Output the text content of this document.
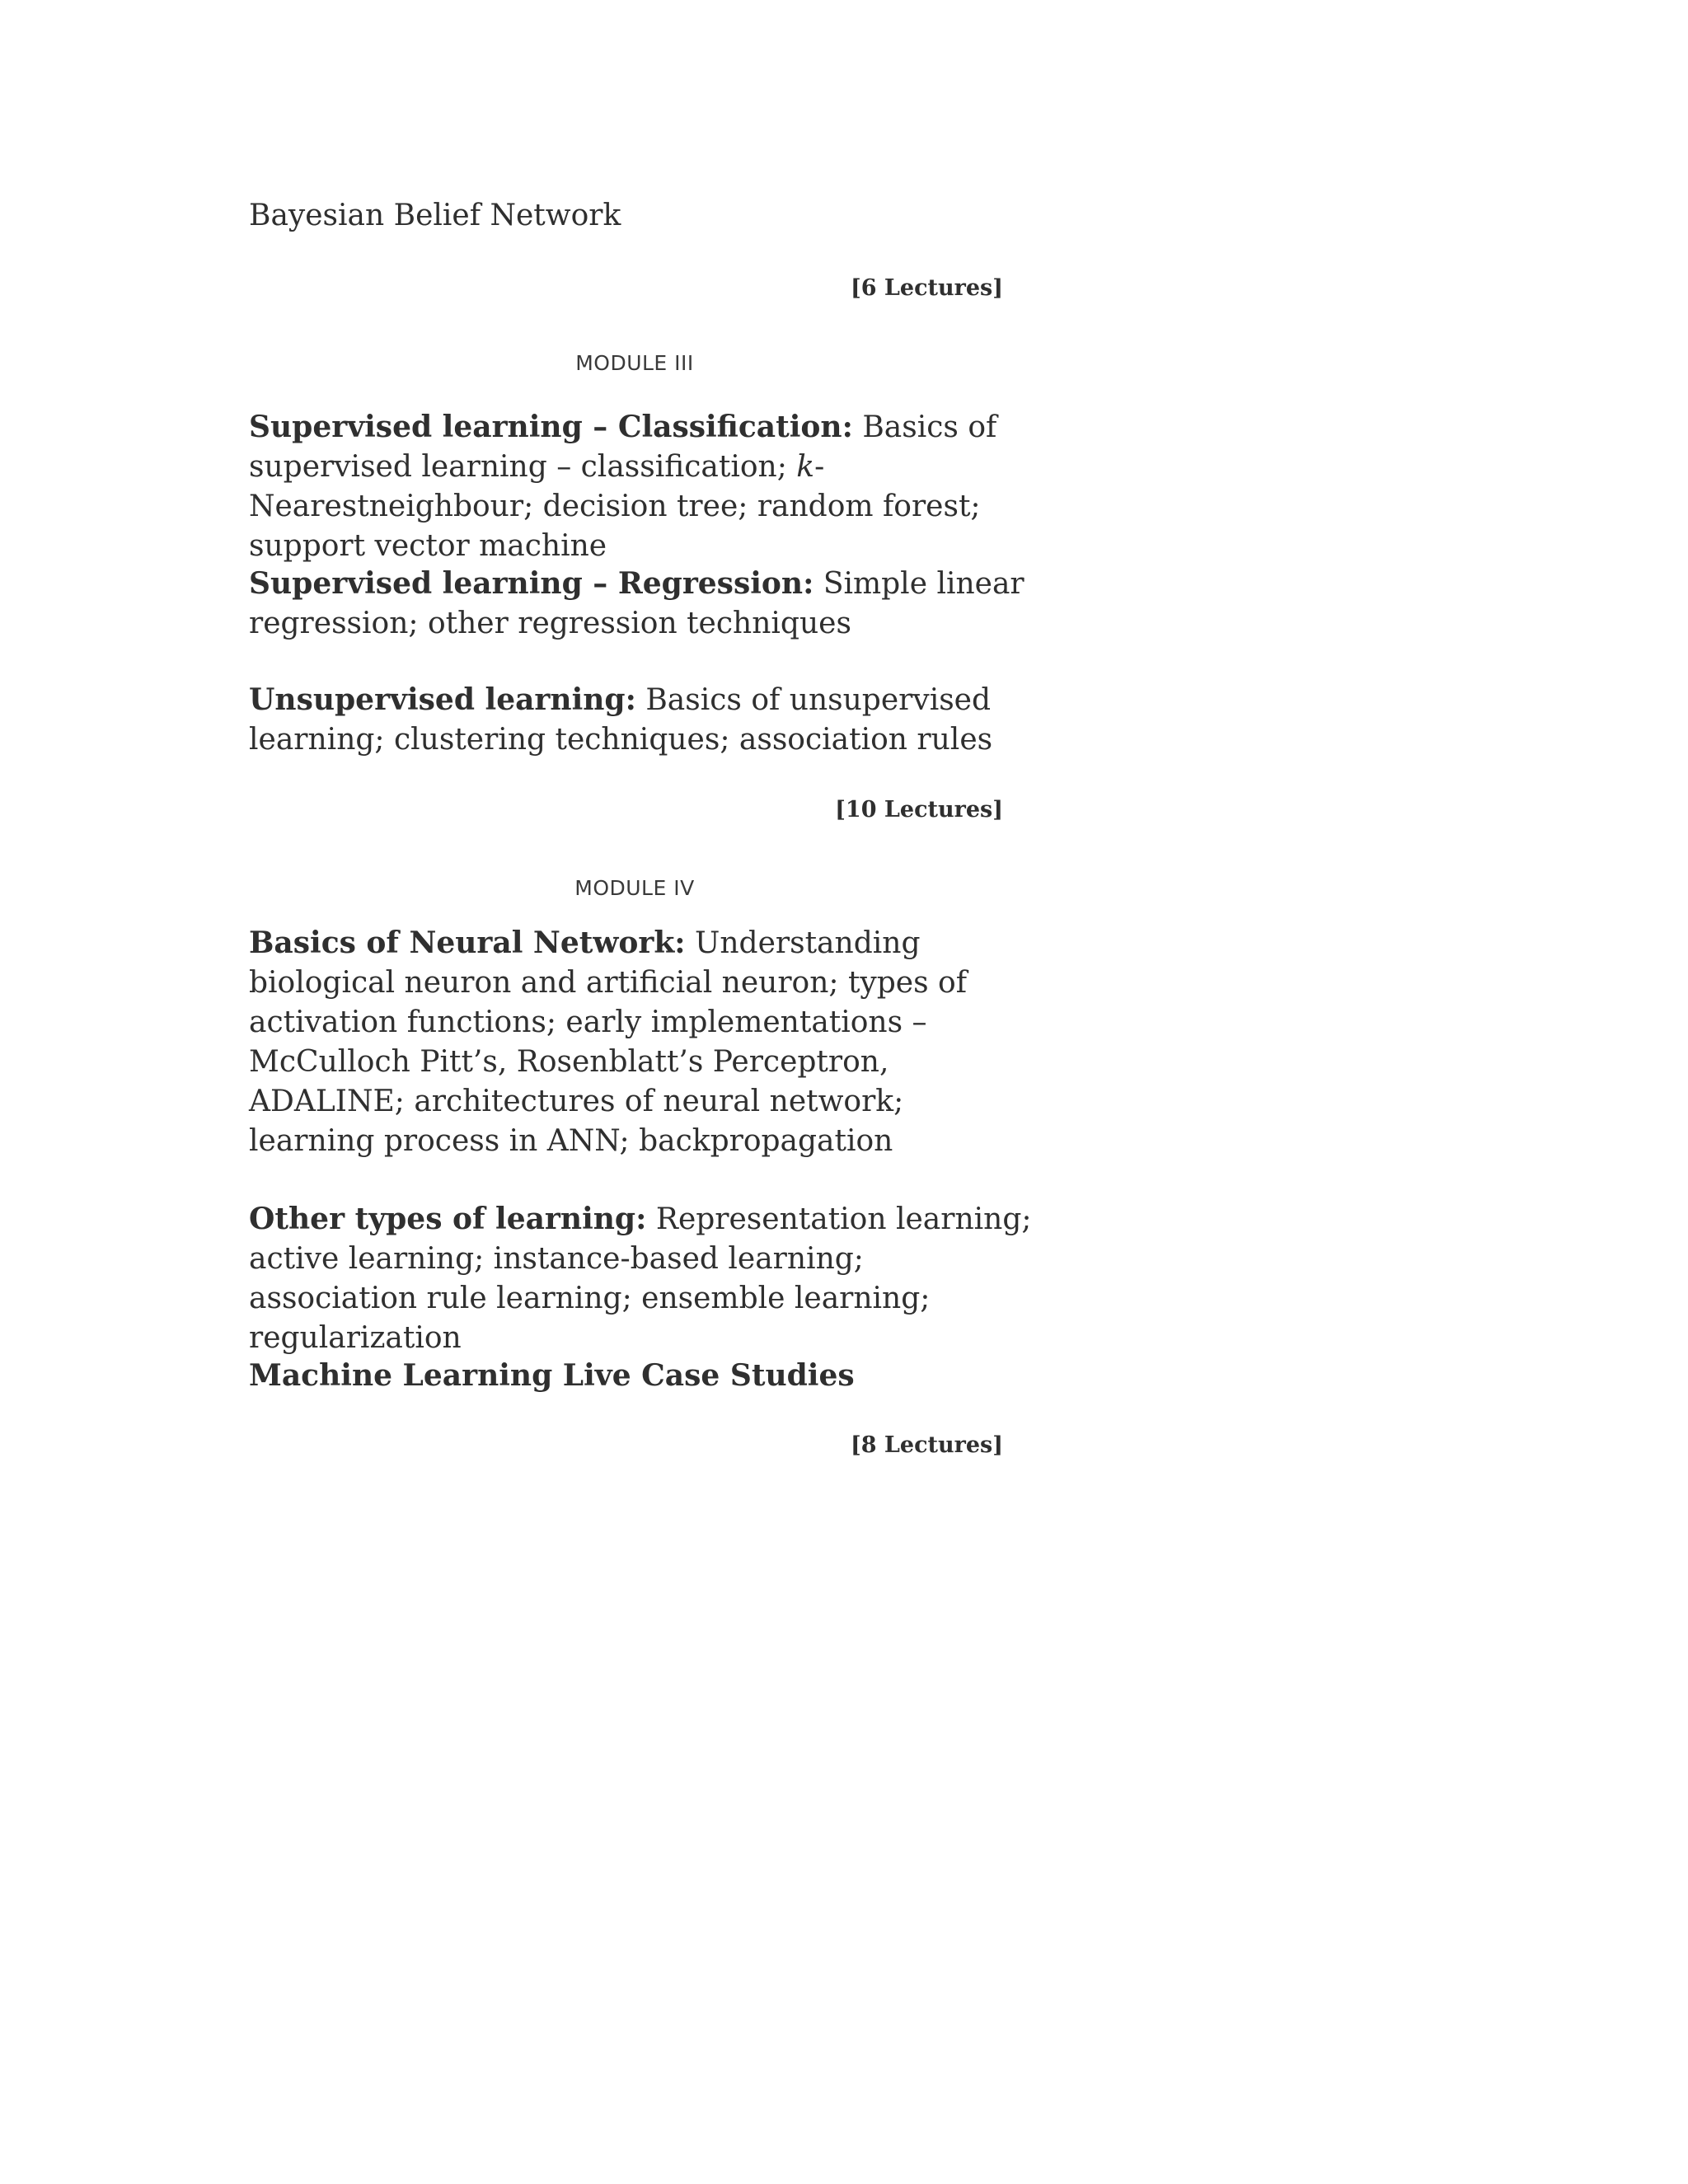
Bayesian Belief Network

[6 Lectures]
MODULE III

Supervised learning – Classification: Basics of supervised learning – classification; k-Nearestneighbour; decision tree; random forest; support vector machine

Supervised learning – Regression: Simple linear regression; other regression techniques

Unsupervised learning: Basics of unsupervised learning; clustering techniques; association rules

[10 Lectures]
MODULE IV

Basics of Neural Network: Understanding biological neuron and artificial neuron; types of activation functions; early implementations – McCulloch Pitt’s, Rosenblatt’s Perceptron, ADALINE; architectures of neural network; learning process in ANN; backpropagation

Other types of learning: Representation learning; active learning; instance-based learning; association rule learning; ensemble learning; regularization

Machine Learning Live Case Studies

[8 Lectures]
